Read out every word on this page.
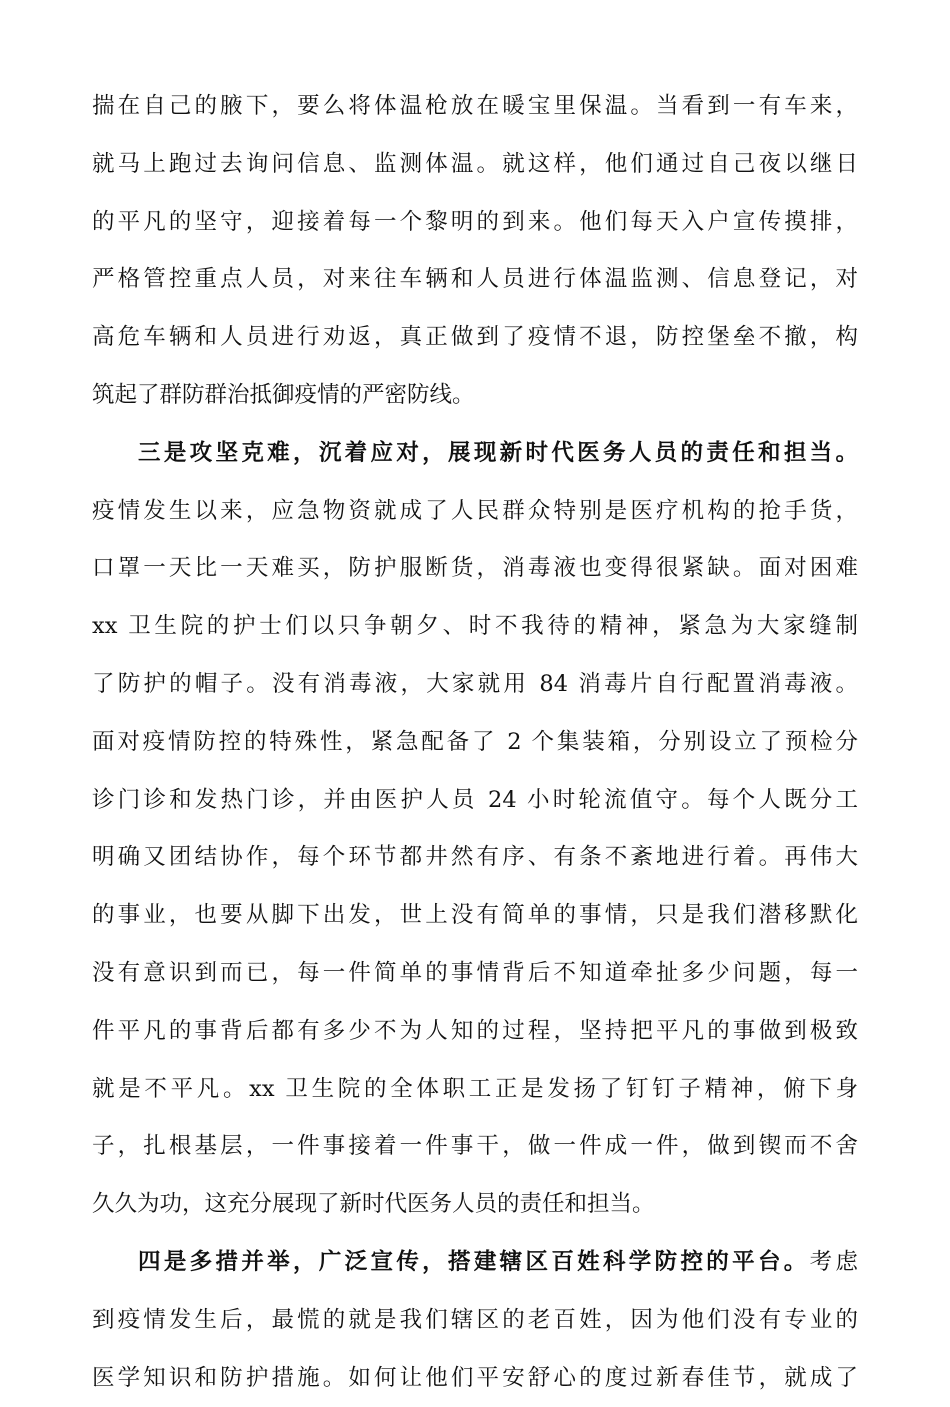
揣在自己的腋下，要么将体温枪放在暖宝里保温。当看到一有车来，
就马上跑过去询问信息、监测体温。就这样，他们通过自己夜以继日
的平凡的坚守，迎接着每一个黎明的到来。他们每天入户宣传摸排，
严格管控重点人员，对来往车辆和人员进行体温监测、信息登记，对
高危车辆和人员进行劝返，真正做到了疫情不退，防控堡垒不撤，构
筑起了群防群治抵御疫情的严密防线。
三是攻坚克难，沉着应对，展现新时代医务人员的责任和担当。
疫情发生以来，应急物资就成了人民群众特别是医疗机构的抢手货，
口罩一天比一天难买，防护服断货，消毒液也变得很紧缺。面对困难
xx 卫生院的护士们以只争朝夕、时不我待的精神，紧急为大家缝制
了防护的帽子。没有消毒液，大家就用 84 消毒片自行配置消毒液。
面对疫情防控的特殊性，紧急配备了 2 个集装箱，分别设立了预检分
诊门诊和发热门诊，并由医护人员 24 小时轮流值守。每个人既分工
明确又团结协作，每个环节都井然有序、有条不紊地进行着。再伟大
的事业，也要从脚下出发，世上没有简单的事情，只是我们潜移默化
没有意识到而已，每一件简单的事情背后不知道牵扯多少问题，每一
件平凡的事背后都有多少不为人知的过程，坚持把平凡的事做到极致
就是不平凡。xx 卫生院的全体职工正是发扬了钉钉子精神，俯下身
子，扎根基层，一件事接着一件事干，做一件成一件，做到锲而不舍
久久为功，这充分展现了新时代医务人员的责任和担当。
四是多措并举，广泛宣传，搭建辖区百姓科学防控的平台。考虑
到疫情发生后，最慌的就是我们辖区的老百姓，因为他们没有专业的
医学知识和防护措施。如何让他们平安舒心的度过新春佳节，就成了
